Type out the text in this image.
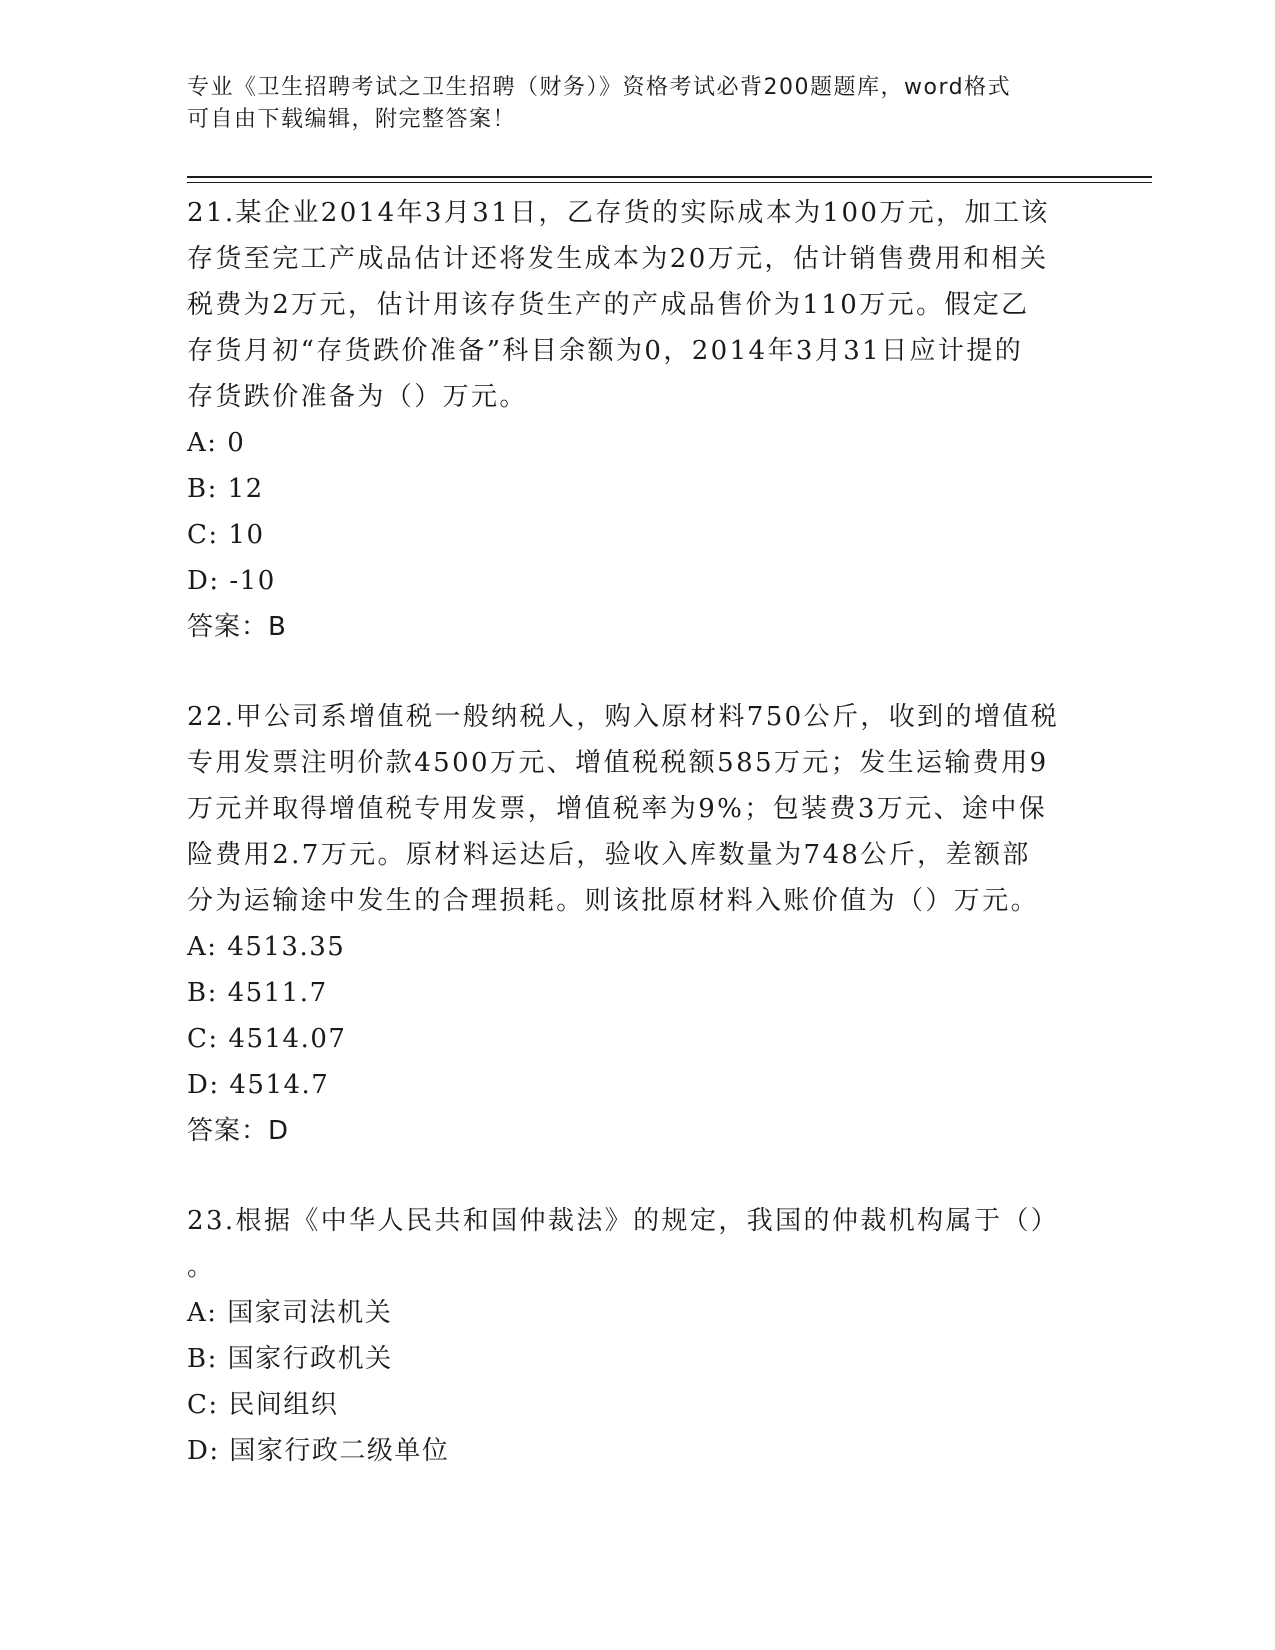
专业《卫生招聘考试之卫生招聘（财务）》资格考试必背200题题库，word格式
可自由下载编辑，附完整答案！
21.某企业2014年3月31日，乙存货的实际成本为100万元，加工该
存货至完工产成品估计还将发生成本为20万元，估计销售费用和相关
税费为2万元，估计用该存货生产的产成品售价为110万元。假定乙
存货月初“存货跌价准备”科目余额为0，2014年3月31日应计提的
存货跌价准备为（）万元。
A: 0
B: 12
C: 10
D: -10
答案：B
22.甲公司系增值税一般纳税人，购入原材料750公斤，收到的增值税
专用发票注明价款4500万元、增值税税额585万元；发生运输费用9
万元并取得增值税专用发票，增值税率为9%；包装费3万元、途中保
险费用2.7万元。原材料运达后，验收入库数量为748公斤，差额部
分为运输途中发生的合理损耗。则该批原材料入账价值为（）万元。
A: 4513.35
B: 4511.7
C: 4514.07
D: 4514.7
答案：D
23.根据《中华人民共和国仲裁法》的规定，我国的仲裁机构属于（）
。
A: 国家司法机关
B: 国家行政机关
C: 民间组织
D: 国家行政二级单位
